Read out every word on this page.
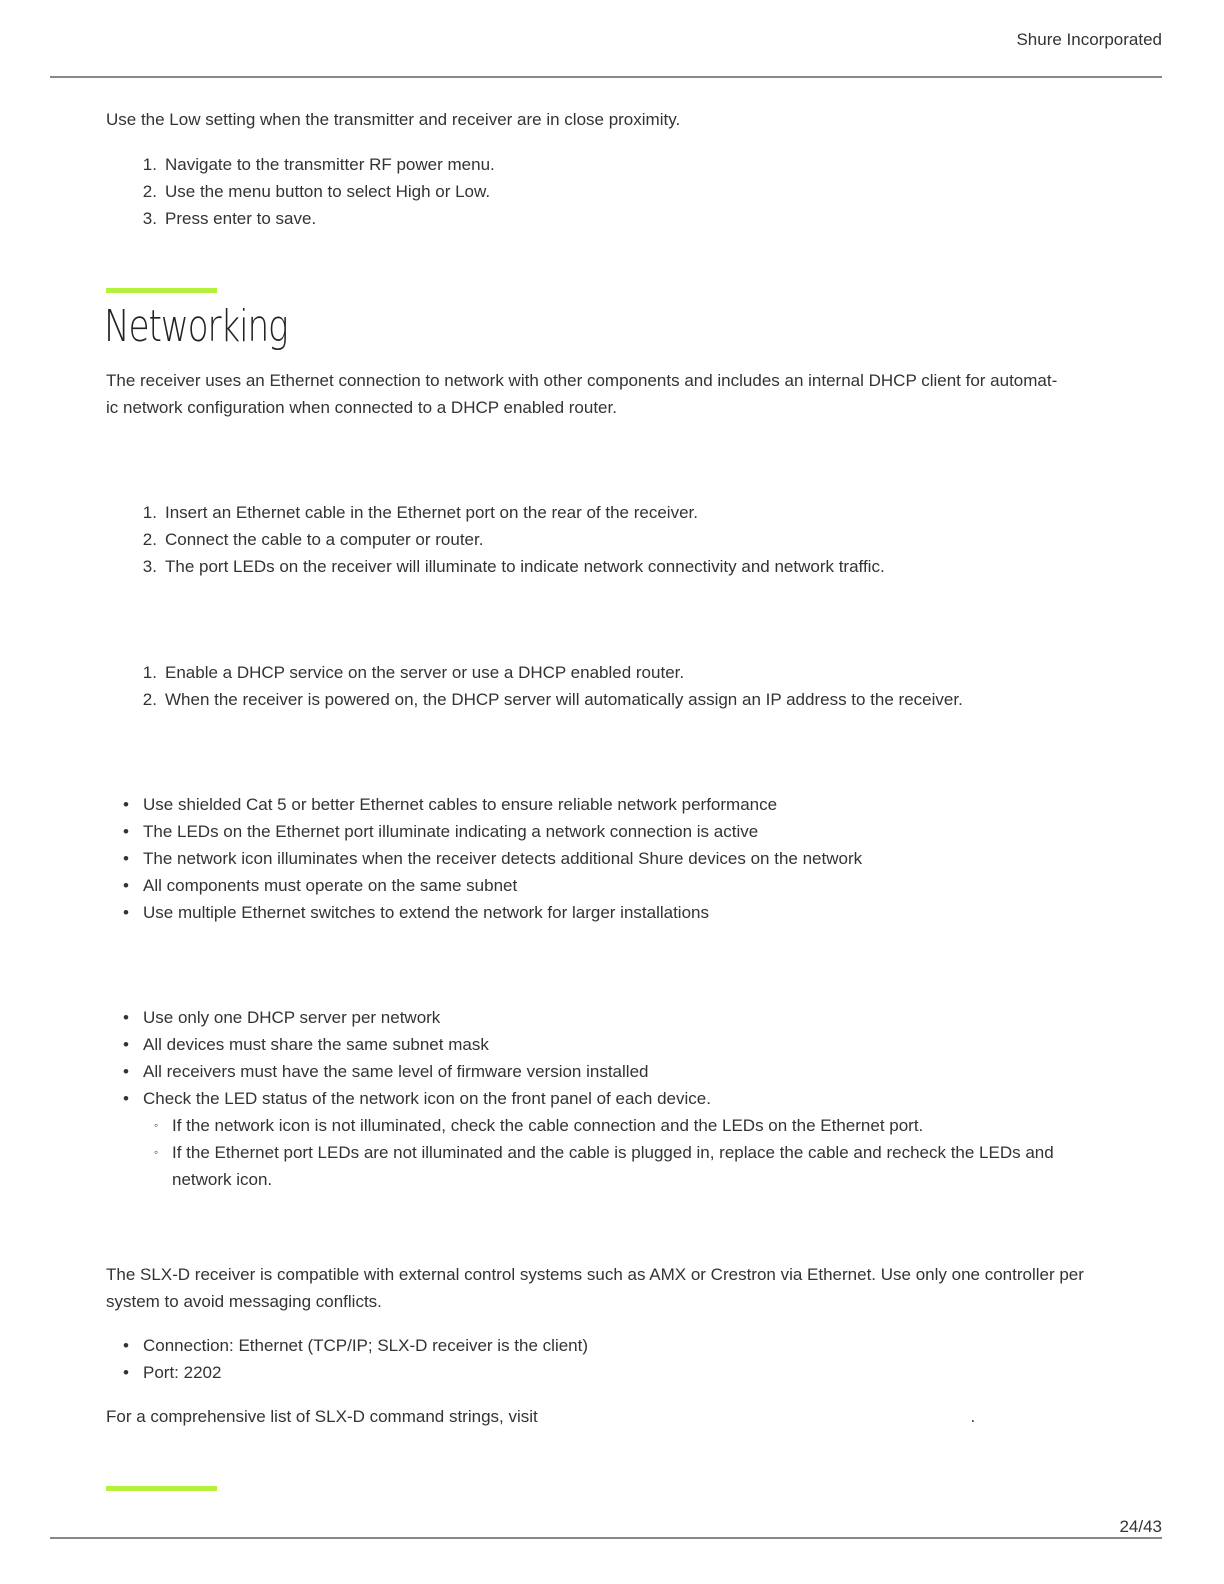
Shure Incorporated

Use the Low setting when the transmitter and receiver are in close proximity.

1 . Navigate to the transmitter RF power menu.
2 . Use the menu button to select High or Low.
3 . Press enter to save.
Networking

The receiver uses an Ethernet connection to network with other components and includes an internal DHCP client for automat-

ic network configuration when connected to a DHCP enabled router.

1 . Insert an Ethernet cable in the Ethernet port on the rear of the receiver.
2 . Connect the cable to a computer or router.
3 . The port LEDs on the receiver will illuminate to indicate network connectivity and network traffic.
1 . Enable a DHCP service on the server or use a DHCP enabled router.
2 . When the receiver is powered on, the DHCP server will automatically assign an IP address to the receiver.
• Use shielded Cat 5 or better Ethernet cables to ensure reliable network performance
• The LEDs on the Ethernet port illuminate indicating a network connection is active
• The network icon illuminates when the receiver detects additional Shure devices on the network
• All components must operate on the same subnet
• Use multiple Ethernet switches to extend the network for larger installations
• Use only one DHCP server per network
• All devices must share the same subnet mask
• All receivers must have the same level of firmware version installed
• Check the LED status of the network icon on the front panel of each device.
◦ If the network icon is not illuminated, check the cable connection and the LEDs on the Ethernet port.
◦ If the Ethernet port LEDs are not illuminated and the cable is plugged in, replace the cable and recheck the LEDs and network icon.

The SLX-D receiver is compatible with external control systems such as AMX or Crestron via Ethernet. Use only one controller per system to avoid messaging conflicts.

• Connection: Ethernet (TCP/IP; SLX-D receiver is the client)
• Port: 2202
For a comprehensive list of SLX-D command strings, visit	.
24/43
